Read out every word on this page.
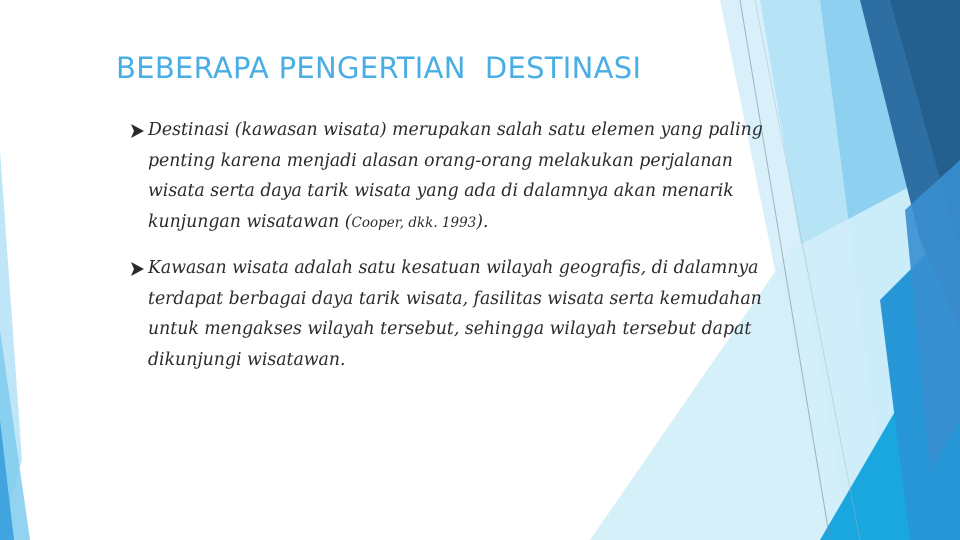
BEBERAPA PENGERTIAN  DESTINASI
Destinasi (kawasan wisata) merupakan salah satu elemen yang paling penting karena menjadi alasan orang-orang melakukan perjalanan wisata serta daya tarik wisata yang ada di dalamnya akan menarik kunjungan wisatawan (Cooper, dkk. 1993).
Kawasan wisata adalah satu kesatuan wilayah geografis, di dalamnya terdapat berbagai daya tarik wisata, fasilitas wisata serta kemudahan untuk mengakses wilayah tersebut, sehingga wilayah tersebut dapat dikunjungi wisatawan.
